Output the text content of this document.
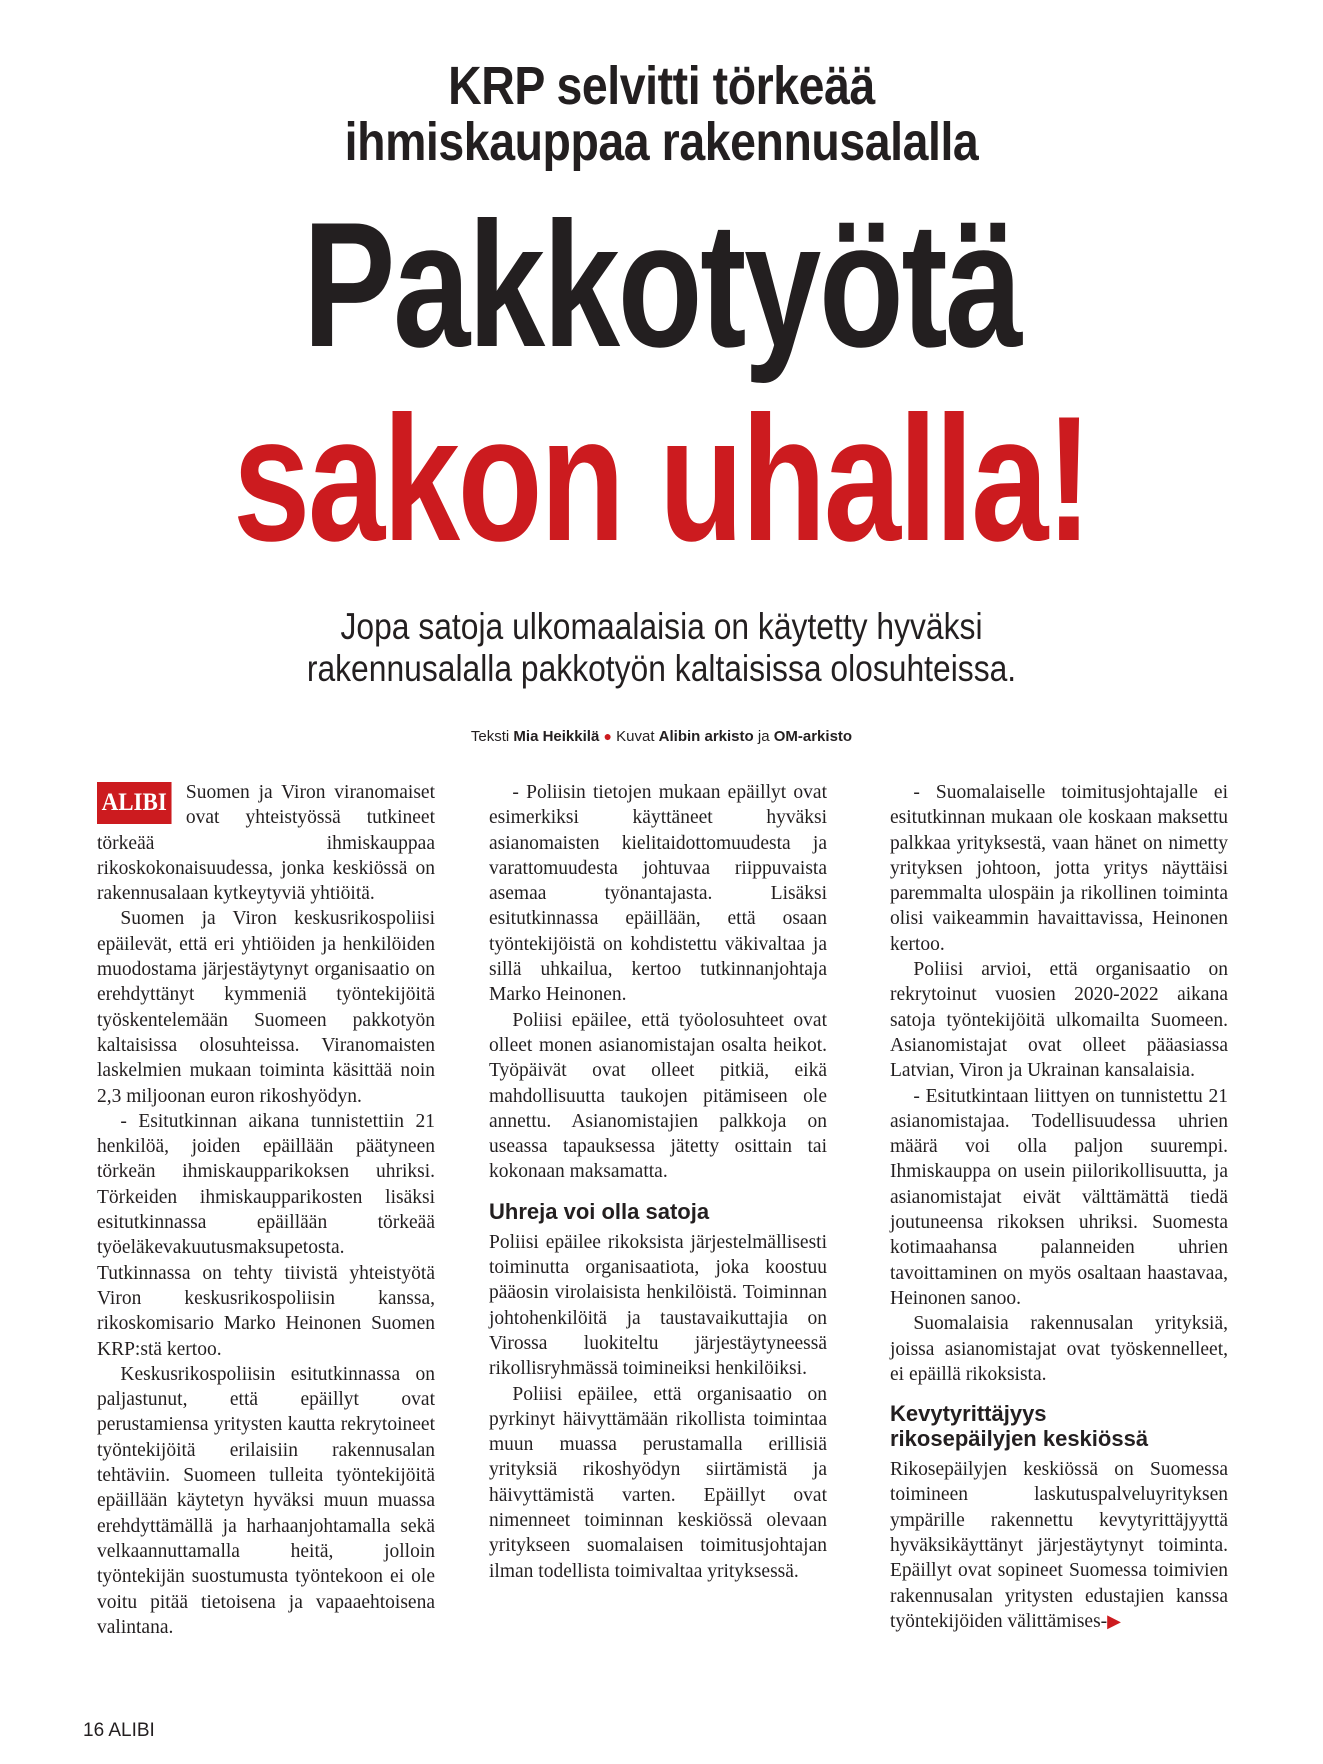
KRP selvitti törkeää
ihmiskauppaa rakennusalalla
Pakkotyötä
sakon uhalla!
Jopa satoja ulkomaalaisia on käytetty hyväksi
rakennusalalla pakkotyön kaltaisissa olosuhteissa.
Teksti Mia Heikkilä ● Kuvat Alibin arkisto ja OM-arkisto

ALIBI Suomen ja Viron viranomaiset ovat yhteistyössä tutkineet törkeää ihmiskauppaa rikoskokonaisuudessa, jonka keskiössä on rakennusalaan kytkeytyviä yhtiöitä.

Suomen ja Viron keskusrikospoliisi epäilevät, että eri yhtiöiden ja henkilöiden muodostama järjestäytynyt organisaatio on erehdyttänyt kymmeniä työntekijöitä työskentelemään Suomeen pakkotyön kaltaisissa olosuhteissa. Viranomaisten laskelmien mukaan toiminta käsittää noin 2,3 miljoonan euron rikoshyödyn.

- Esitutkinnan aikana tunnistettiin 21 henkilöä, joiden epäillään päätyneen törkeän ihmiskaupparikoksen uhriksi. Törkeiden ihmiskaupparikosten lisäksi esitutkinnassa epäillään törkeää työeläkevakuutusmaksupetosta. Tutkinnassa on tehty tiivistä yhteistyötä Viron keskusrikospoliisin kanssa, rikoskomisario Marko Heinonen Suomen KRP:stä kertoo.

Keskusrikospoliisin esitutkinnassa on paljastunut, että epäillyt ovat perustamiensa yritysten kautta rekrytoineet työntekijöitä erilaisiin rakennusalan tehtäviin. Suomeen tulleita työntekijöitä epäillään käytetyn hyväksi muun muassa erehdyttämällä ja harhaanjohtamalla sekä velkaannuttamalla heitä, jolloin työntekijän suostumusta työntekoon ei ole voitu pitää tietoisena ja vapaaehtoisena valintana.

- Poliisin tietojen mukaan epäillyt ovat esimerkiksi käyttäneet hyväksi asianomaisten kielitaidottomuudesta ja varattomuudesta johtuvaa riippuvaista asemaa työnantajasta. Lisäksi esitutkinnassa epäillään, että osaan työntekijöistä on kohdistettu väkivaltaa ja sillä uhkailua, kertoo tutkinnanjohtaja Marko Heinonen.

Poliisi epäilee, että työolosuhteet ovat olleet monen asianomistajan osalta heikot. Työpäivät ovat olleet pitkiä, eikä mahdollisuutta taukojen pitämiseen ole annettu. Asianomistajien palkkoja on useassa tapauksessa jätetty osittain tai kokonaan maksamatta.

Uhreja voi olla satoja

Poliisi epäilee rikoksista järjestelmällisesti toiminutta organisaatiota, joka koostuu pääosin virolaisista henkilöistä. Toiminnan johtohenkilöitä ja taustavaikuttajia on Virossa luokiteltu järjestäytyneessä rikollisryhmässä toimineiksi henkilöiksi.

Poliisi epäilee, että organisaatio on pyrkinyt häivyttämään rikollista toimintaa muun muassa perustamalla erillisiä yrityksiä rikoshyödyn siirtämistä ja häivyttämistä varten. Epäillyt ovat nimenneet toiminnan keskiössä olevaan yritykseen suomalaisen toimitusjohtajan ilman todellista toimivaltaa yrityksessä.

- Suomalaiselle toimitusjohtajalle ei esitutkinnan mukaan ole koskaan maksettu palkkaa yrityksestä, vaan hänet on nimetty yrityksen johtoon, jotta yritys näyttäisi paremmalta ulospäin ja rikollinen toiminta olisi vaikeammin havaittavissa, Heinonen kertoo.

Poliisi arvioi, että organisaatio on rekrytoinut vuosien 2020-2022 aikana satoja työntekijöitä ulkomailta Suomeen. Asianomistajat ovat olleet pääasiassa Latvian, Viron ja Ukrainan kansalaisia.

- Esitutkintaan liittyen on tunnistettu 21 asianomistajaa. Todellisuudessa uhrien määrä voi olla paljon suurempi. Ihmiskauppa on usein piilorikollisuutta, ja asianomistajat eivät välttämättä tiedä joutuneensa rikoksen uhriksi. Suomesta kotimaahansa palanneiden uhrien tavoittaminen on myös osaltaan haastavaa, Heinonen sanoo.

Suomalaisia rakennusalan yrityksiä, joissa asianomistajat ovat työskennelleet, ei epäillä rikoksista.

Kevytyrittäjyys
rikosepäilyjen keskiössä

Rikosepäilyjen keskiössä on Suomessa toimineen laskutuspalveluyrityksen ympärille rakennettu kevytyrittäjyyttä hyväksikäyttänyt järjestäytynyt toiminta. Epäillyt ovat sopineet Suomessa toimivien rakennusalan yritysten edustajien kanssa työntekijöiden välittämises-▶

16 ALIBI
